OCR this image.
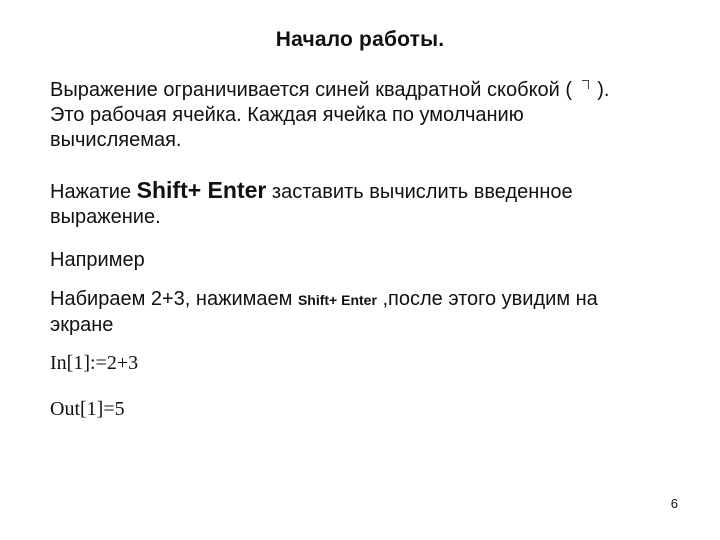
Начало работы.
Выражение ограничивается синей квадратной скобкой ( ).
Это рабочая ячейка. Каждая ячейка по умолчанию
вычисляемая.
Нажатие Shift+ Enter заставить вычислить введенное
выражение.
Например
Набираем 2+3, нажимаем Shift+ Enter ,после этого увидим на
экране
In[1]:=2+3
Out[1]=5
6
